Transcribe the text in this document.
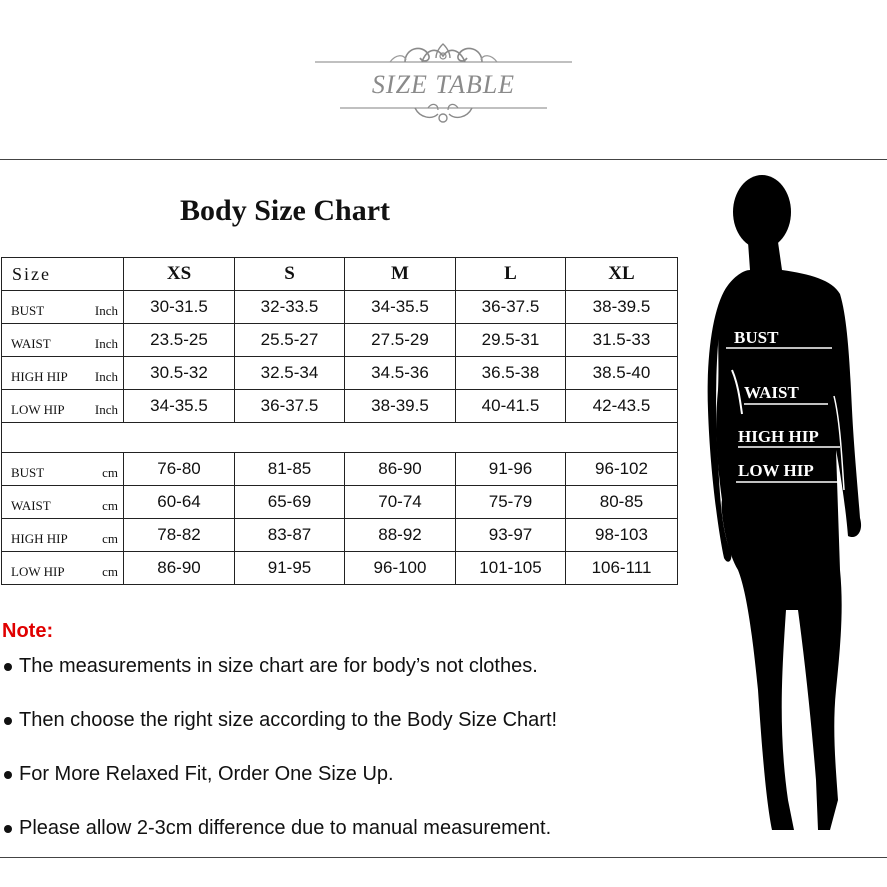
SIZE TABLE
Body Size Chart
Size	XS	S	M	L	XL
$_{BUST}$ Inch	30-31.5	32-33.5	34-35.5	36-37.5	38-39.5
$_{WAIST}$ Inch	23.5-25	25.5-27	27.5-29	29.5-31	31.5-33
$_{HIGH HIP}$ Inch	30.5-32	32.5-34	34.5-36	36.5-38	38.5-40
$_{LOW HIP}$ Inch	34-35.5	36-37.5	38-39.5	40-41.5	42-43.5

$_{BUST}$ cm	76-80	81-85	86-90	91-96	96-102
$_{WAIST}$ cm	60-64	65-69	70-74	75-79	80-85
$_{HIGH HIP}$ cm	78-82	83-87	88-92	93-97	98-103
$_{LOW HIP}$ cm	86-90	91-95	96-100	101-105	106-111
Note:
The measurements in size chart are for body’s not clothes.
Then choose the right size according to the Body Size Chart!
For More Relaxed Fit, Order One Size Up.
Please allow 2-3cm difference due to manual measurement.
BUST
WAIST
HIGH HIP
LOW HIP
